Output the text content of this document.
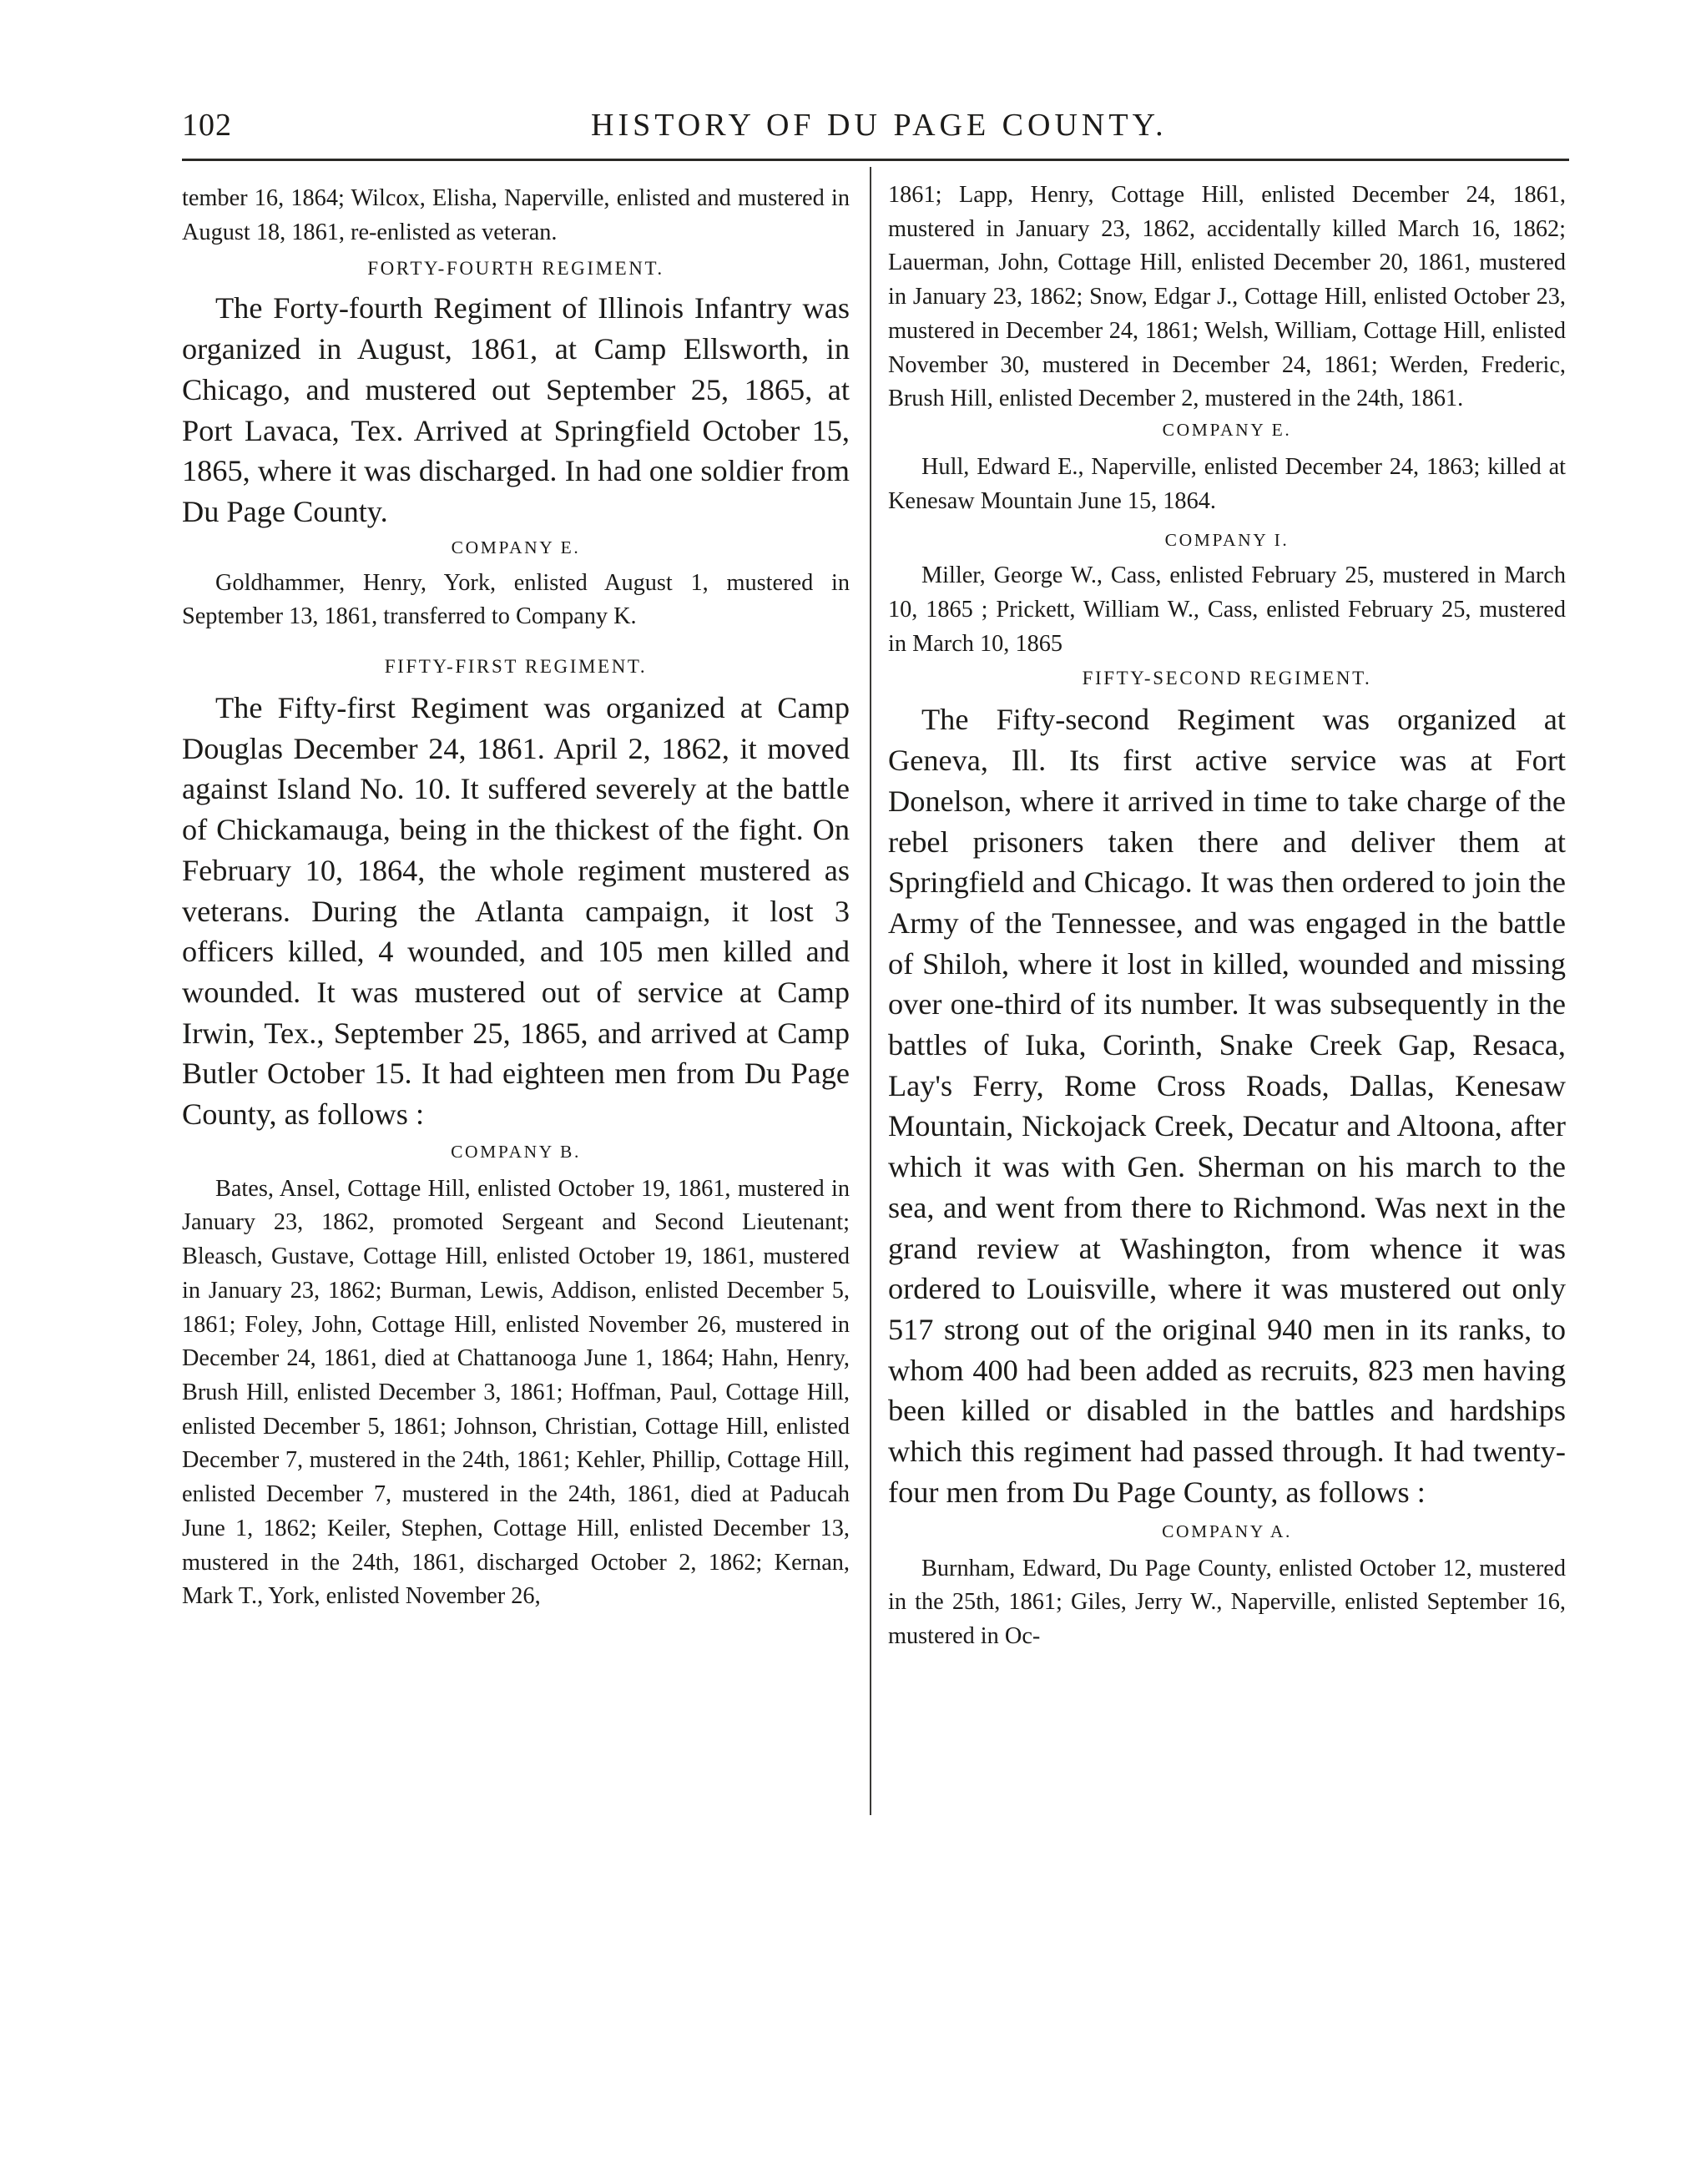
102	HISTORY OF DU PAGE COUNTY.

tember 16, 1864; Wilcox, Elisha, Naperville, enlisted and mustered in August 18, 1861, re-enlisted as veteran.

FORTY-FOURTH REGIMENT.

The Forty-fourth Regiment of Illinois Infantry was organized in August, 1861, at Camp Ellsworth, in Chicago, and mustered out September 25, 1865, at Port Lavaca, Tex. Arrived at Springfield October 15, 1865, where it was discharged. In had one soldier from Du Page County.

COMPANY E.

Goldhammer, Henry, York, enlisted August 1, mustered in September 13, 1861, transferred to Company K.

FIFTY-FIRST REGIMENT.

The Fifty-first Regiment was organized at Camp Douglas December 24, 1861. April 2, 1862, it moved against Island No. 10. It suffered severely at the battle of Chickamauga, being in the thickest of the fight. On February 10, 1864, the whole regiment mustered as veterans. During the Atlanta campaign, it lost 3 officers killed, 4 wounded, and 105 men killed and wounded. It was mustered out of service at Camp Irwin, Tex., September 25, 1865, and arrived at Camp Butler October 15. It had eighteen men from Du Page County, as follows :

COMPANY B.

Bates, Ansel, Cottage Hill, enlisted October 19, 1861, mustered in January 23, 1862, promoted Sergeant and Second Lieutenant; Bleasch, Gustave, Cottage Hill, enlisted October 19, 1861, mustered in January 23, 1862; Burman, Lewis, Addison, enlisted December 5, 1861; Foley, John, Cottage Hill, enlisted November 26, mustered in December 24, 1861, died at Chattanooga June 1, 1864; Hahn, Henry, Brush Hill, enlisted December 3, 1861; Hoffman, Paul, Cottage Hill, enlisted December 5, 1861; Johnson, Christian, Cottage Hill, enlisted December 7, mustered in the 24th, 1861; Kehler, Phillip, Cottage Hill, enlisted December 7, mustered in the 24th, 1861, died at Paducah June 1, 1862; Keiler, Stephen, Cottage Hill, enlisted December 13, mustered in the 24th, 1861, discharged October 2, 1862; Kernan, Mark T., York, enlisted November 26,

1861; Lapp, Henry, Cottage Hill, enlisted December 24, 1861, mustered in January 23, 1862, accidentally killed March 16, 1862; Lauerman, John, Cottage Hill, enlisted December 20, 1861, mustered in January 23, 1862; Snow, Edgar J., Cottage Hill, enlisted October 23, mustered in December 24, 1861; Welsh, William, Cottage Hill, enlisted November 30, mustered in December 24, 1861; Werden, Frederic, Brush Hill, enlisted December 2, mustered in the 24th, 1861.

COMPANY E.

Hull, Edward E., Naperville, enlisted December 24, 1863; killed at Kenesaw Mountain June 15, 1864.

COMPANY I.

Miller, George W., Cass, enlisted February 25, mustered in March 10, 1865 ; Prickett, William W., Cass, enlisted February 25, mustered in March 10, 1865

FIFTY-SECOND REGIMENT.

The Fifty-second Regiment was organized at Geneva, Ill. Its first active service was at Fort Donelson, where it arrived in time to take charge of the rebel prisoners taken there and deliver them at Springfield and Chicago. It was then ordered to join the Army of the Tennessee, and was engaged in the battle of Shiloh, where it lost in killed, wounded and missing over one-third of its number. It was subsequently in the battles of Iuka, Corinth, Snake Creek Gap, Resaca, Lay's Ferry, Rome Cross Roads, Dallas, Kenesaw Mountain, Nickojack Creek, Decatur and Altoona, after which it was with Gen. Sherman on his march to the sea, and went from there to Richmond. Was next in the grand review at Washington, from whence it was ordered to Louisville, where it was mustered out only 517 strong out of the original 940 men in its ranks, to whom 400 had been added as recruits, 823 men having been killed or disabled in the battles and hardships which this regiment had passed through. It had twenty-four men from Du Page County, as follows :

COMPANY A.

Burnham, Edward, Du Page County, enlisted October 12, mustered in the 25th, 1861; Giles, Jerry W., Naperville, enlisted September 16, mustered in Oc-
